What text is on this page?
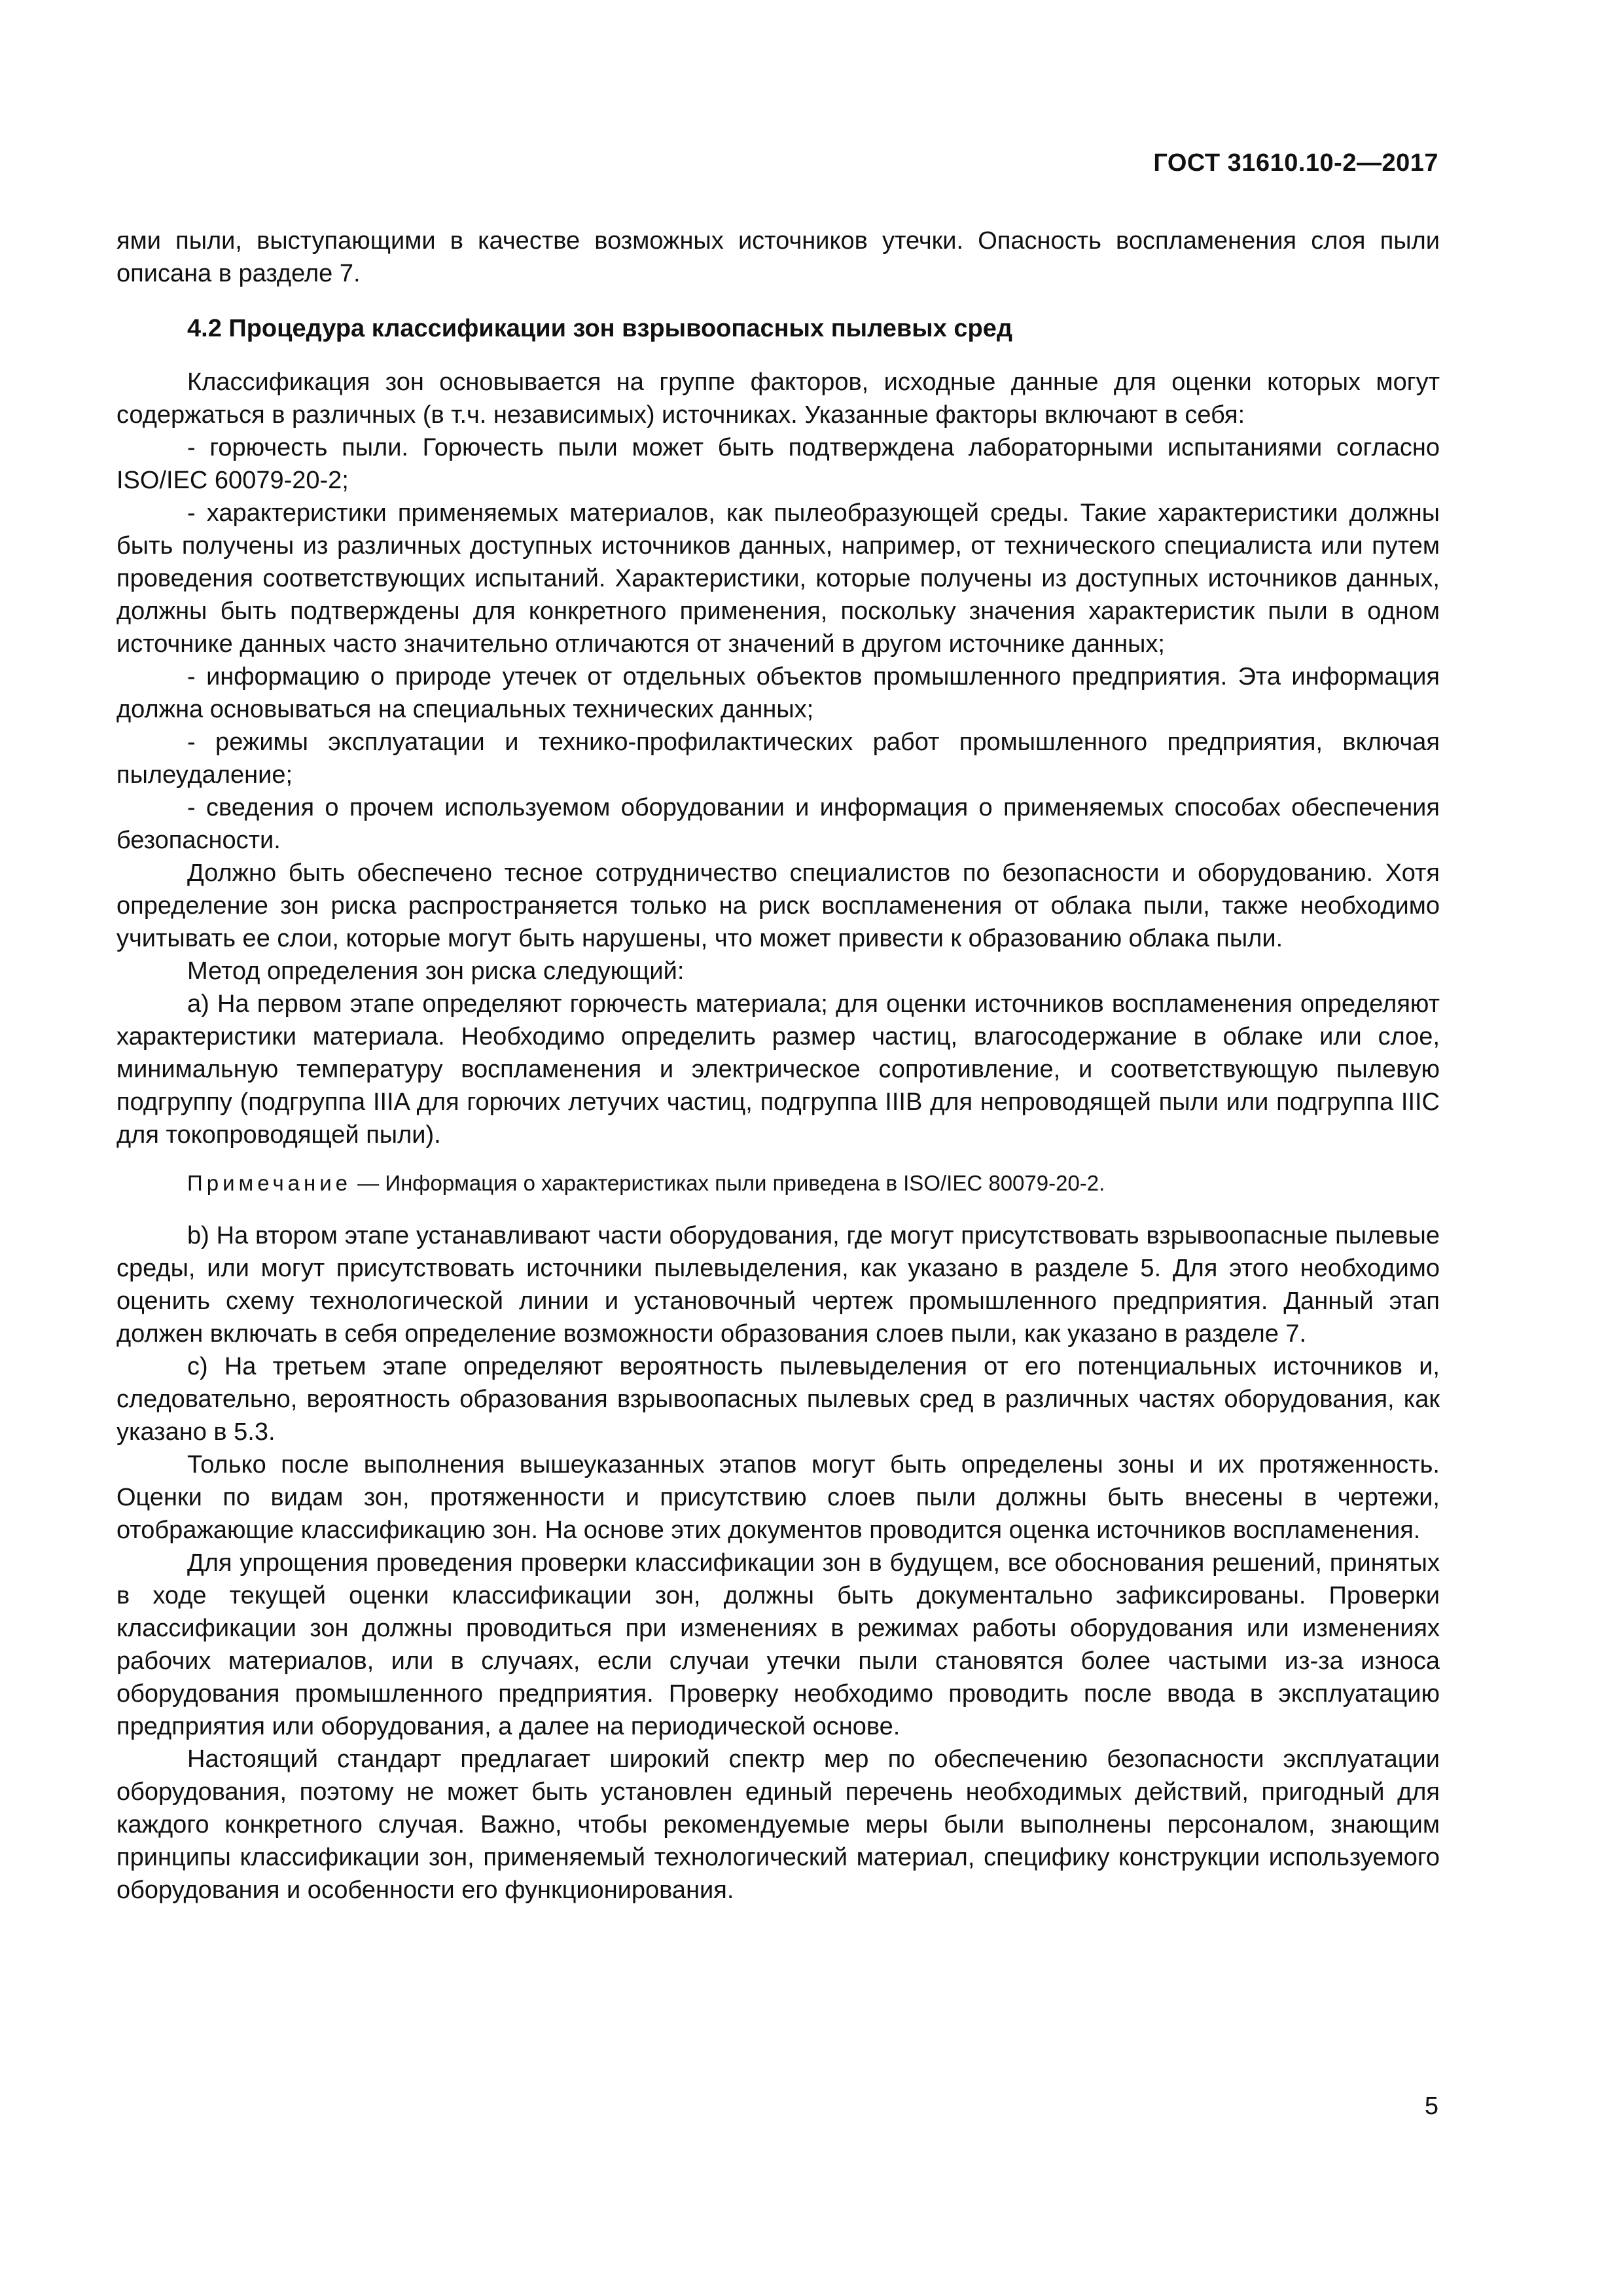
ГОСТ 31610.10-2—2017

ями пыли, выступающими в качестве возможных источников утечки. Опасность воспламенения слоя пыли описана в разделе 7.

4.2 Процедура классификации зон взрывоопасных пылевых сред

Классификация зон основывается на группе факторов, исходные данные для оценки которых могут содержаться в различных (в т.ч. независимых) источниках. Указанные факторы включают в себя:

- горючесть пыли. Горючесть пыли может быть подтверждена лабораторными испытаниями согласно ISO/IEC 60079-20-2;

- характеристики применяемых материалов, как пылеобразующей среды. Такие характеристики должны быть получены из различных доступных источников данных, например, от технического специалиста или путем проведения соответствующих испытаний. Характеристики, которые получены из доступных источников данных, должны быть подтверждены для конкретного применения, поскольку значения характеристик пыли в одном источнике данных часто значительно отличаются от значений в другом источнике данных;

- информацию о природе утечек от отдельных объектов промышленного предприятия. Эта информация должна основываться на специальных технических данных;

- режимы эксплуатации и технико-профилактических работ промышленного предприятия, включая пылеудаление;

- сведения о прочем используемом оборудовании и информация о применяемых способах обеспечения безопасности.

Должно быть обеспечено тесное сотрудничество специалистов по безопасности и оборудованию. Хотя определение зон риска распространяется только на риск воспламенения от облака пыли, также необходимо учитывать ее слои, которые могут быть нарушены, что может привести к образованию облака пыли.

Метод определения зон риска следующий:

а) На первом этапе определяют горючесть материала; для оценки источников воспламенения определяют характеристики материала. Необходимо определить размер частиц, влагосодержание в облаке или слое, минимальную температуру воспламенения и электрическое сопротивление, и соответствующую пылевую подгруппу (подгруппа IIIA для горючих летучих частиц, подгруппа IIIB для непроводящей пыли или подгруппа IIIC для токопроводящей пыли).

Примечание — Информация о характеристиках пыли приведена в ISO/IEC 80079-20-2.

b) На втором этапе устанавливают части оборудования, где могут присутствовать взрывоопасные пылевые среды, или могут присутствовать источники пылевыделения, как указано в разделе 5. Для этого необходимо оценить схему технологической линии и установочный чертеж промышленного предприятия. Данный этап должен включать в себя определение возможности образования слоев пыли, как указано в разделе 7.

с) На третьем этапе определяют вероятность пылевыделения от его потенциальных источников и, следовательно, вероятность образования взрывоопасных пылевых сред в различных частях оборудования, как указано в 5.3.

Только после выполнения вышеуказанных этапов могут быть определены зоны и их протяженность. Оценки по видам зон, протяженности и присутствию слоев пыли должны быть внесены в чертежи, отображающие классификацию зон. На основе этих документов проводится оценка источников воспламенения.

Для упрощения проведения проверки классификации зон в будущем, все обоснования решений, принятых в ходе текущей оценки классификации зон, должны быть документально зафиксированы. Проверки классификации зон должны проводиться при изменениях в режимах работы оборудования или изменениях рабочих материалов, или в случаях, если случаи утечки пыли становятся более частыми из-за износа оборудования промышленного предприятия. Проверку необходимо проводить после ввода в эксплуатацию предприятия или оборудования, а далее на периодической основе.

Настоящий стандарт предлагает широкий спектр мер по обеспечению безопасности эксплуатации оборудования, поэтому не может быть установлен единый перечень необходимых действий, пригодный для каждого конкретного случая. Важно, чтобы рекомендуемые меры были выполнены персоналом, знающим принципы классификации зон, применяемый технологический материал, специфику конструкции используемого оборудования и особенности его функционирования.

5
